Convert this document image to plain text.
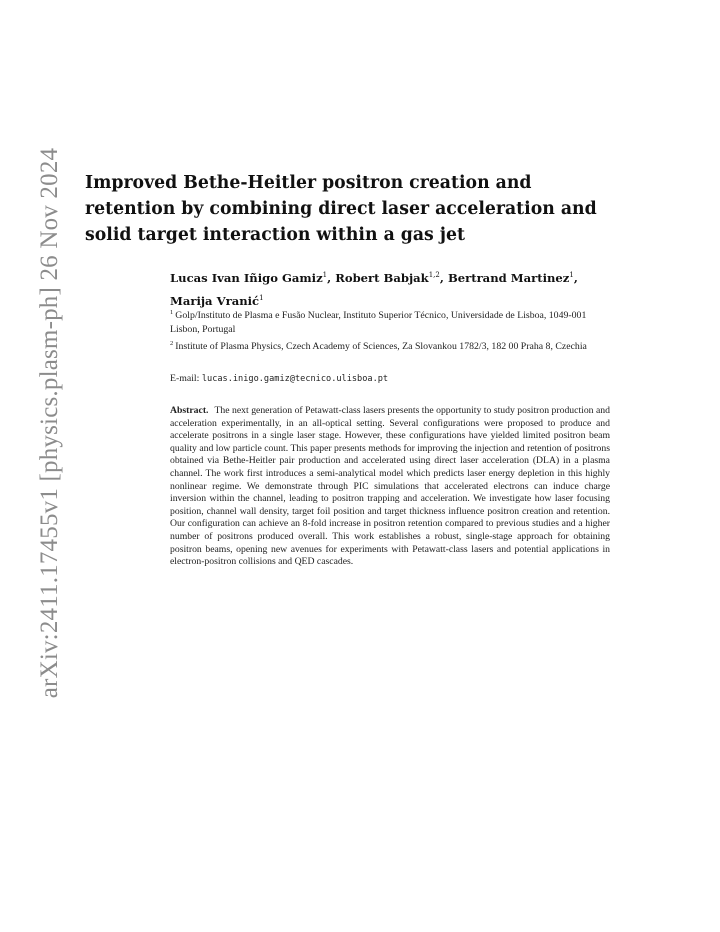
arXiv:2411.17455v1 [physics.plasm-ph] 26 Nov 2024 Improved Bethe-Heitler positron creation and retention by combining direct laser acceleration and solid target interaction within a gas jet

Lucas Ivan Iñigo Gamiz$^1$, Robert Babjak$^{1,2}$, Bertrand Martinez$^1$, Marija Vranić$^1$

$^1$ Golp/Instituto de Plasma e Fusão Nuclear, Instituto Superior Técnico, Universidade de Lisboa, 1049-001 Lisbon, Portugal

$^2$ Institute of Plasma Physics, Czech Academy of Sciences, Za Slovankou 1782/3, 182 00 Praha 8, Czechia

E-mail: lucas.inigo.gamiz@tecnico.ulisboa.pt

Abstract. The next generation of Petawatt-class lasers presents the opportunity to study positron production and acceleration experimentally, in an all-optical setting. Several configurations were proposed to produce and accelerate positrons in a single laser stage. However, these configurations have yielded limited positron beam quality and low particle count. This paper presents methods for improving the injection and retention of positrons obtained via Bethe-Heitler pair production and accelerated using direct laser acceleration (DLA) in a plasma channel. The work first introduces a semi-analytical model which predicts laser energy depletion in this highly nonlinear regime. We demonstrate through PIC simulations that accelerated electrons can induce charge inversion within the channel, leading to positron trapping and acceleration. We investigate how laser focusing position, channel wall density, target foil position and target thickness influence positron creation and retention. Our configuration can achieve an 8-fold increase in positron retention compared to previous studies and a higher number of positrons produced overall. This work establishes a robust, single-stage approach for obtaining positron beams, opening new avenues for experiments with Petawatt-class lasers and potential applications in electron-positron collisions and QED cascades.
